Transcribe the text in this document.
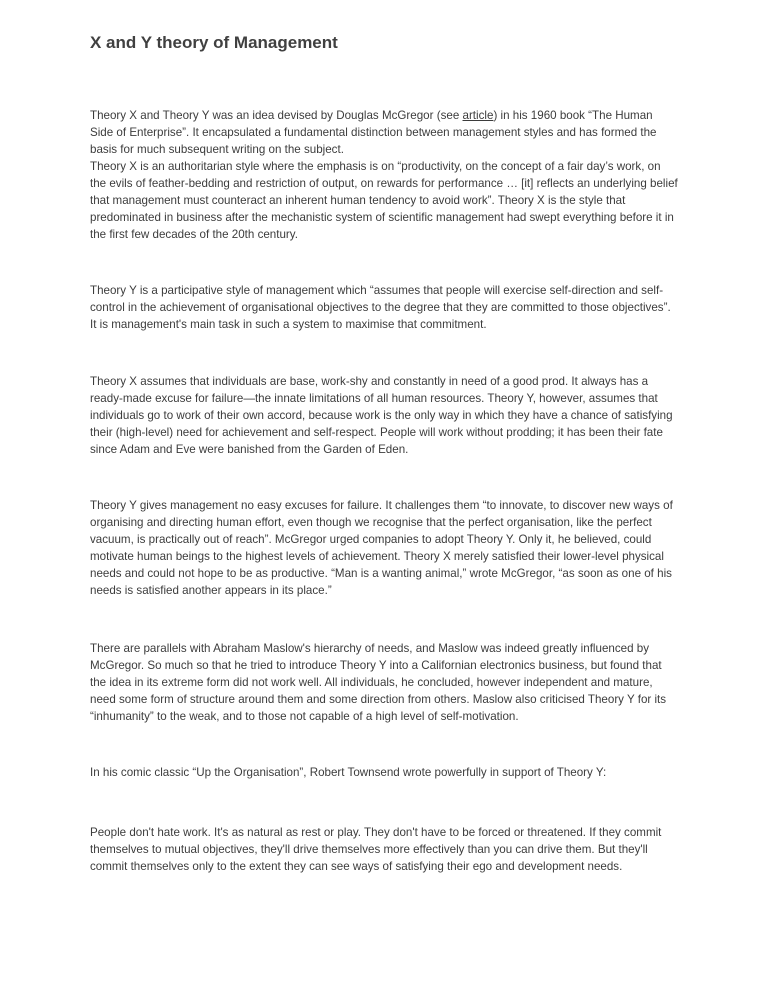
X and Y theory of Management

Theory X and Theory Y was an idea devised by Douglas McGregor (see article) in his 1960 book “The Human Side of Enterprise”. It encapsulated a fundamental distinction between management styles and has formed the basis for much subsequent writing on the subject.

Theory X is an authoritarian style where the emphasis is on “productivity, on the concept of a fair day’s work, on the evils of feather-bedding and restriction of output, on rewards for performance … [it] reflects an underlying belief that management must counteract an inherent human tendency to avoid work”. Theory X is the style that predominated in business after the mechanistic system of scientific management had swept everything before it in the first few decades of the 20th century.

Theory Y is a participative style of management which “assumes that people will exercise self-direction and self-control in the achievement of organisational objectives to the degree that they are committed to those objectives”. It is management's main task in such a system to maximise that commitment.

Theory X assumes that individuals are base, work-shy and constantly in need of a good prod. It always has a ready-made excuse for failure—the innate limitations of all human resources. Theory Y, however, assumes that individuals go to work of their own accord, because work is the only way in which they have a chance of satisfying their (high-level) need for achievement and self-respect. People will work without prodding; it has been their fate since Adam and Eve were banished from the Garden of Eden.

Theory Y gives management no easy excuses for failure. It challenges them “to innovate, to discover new ways of organising and directing human effort, even though we recognise that the perfect organisation, like the perfect vacuum, is practically out of reach”. McGregor urged companies to adopt Theory Y. Only it, he believed, could motivate human beings to the highest levels of achievement. Theory X merely satisfied their lower-level physical needs and could not hope to be as productive. “Man is a wanting animal,” wrote McGregor, “as soon as one of his needs is satisfied another appears in its place.”

There are parallels with Abraham Maslow's hierarchy of needs, and Maslow was indeed greatly influenced by McGregor. So much so that he tried to introduce Theory Y into a Californian electronics business, but found that the idea in its extreme form did not work well. All individuals, he concluded, however independent and mature, need some form of structure around them and some direction from others. Maslow also criticised Theory Y for its “inhumanity” to the weak, and to those not capable of a high level of self-motivation.

In his comic classic “Up the Organisation”, Robert Townsend wrote powerfully in support of Theory Y:

People don't hate work. It's as natural as rest or play. They don't have to be forced or threatened. If they commit themselves to mutual objectives, they'll drive themselves more effectively than you can drive them. But they'll commit themselves only to the extent they can see ways of satisfying their ego and development needs.
